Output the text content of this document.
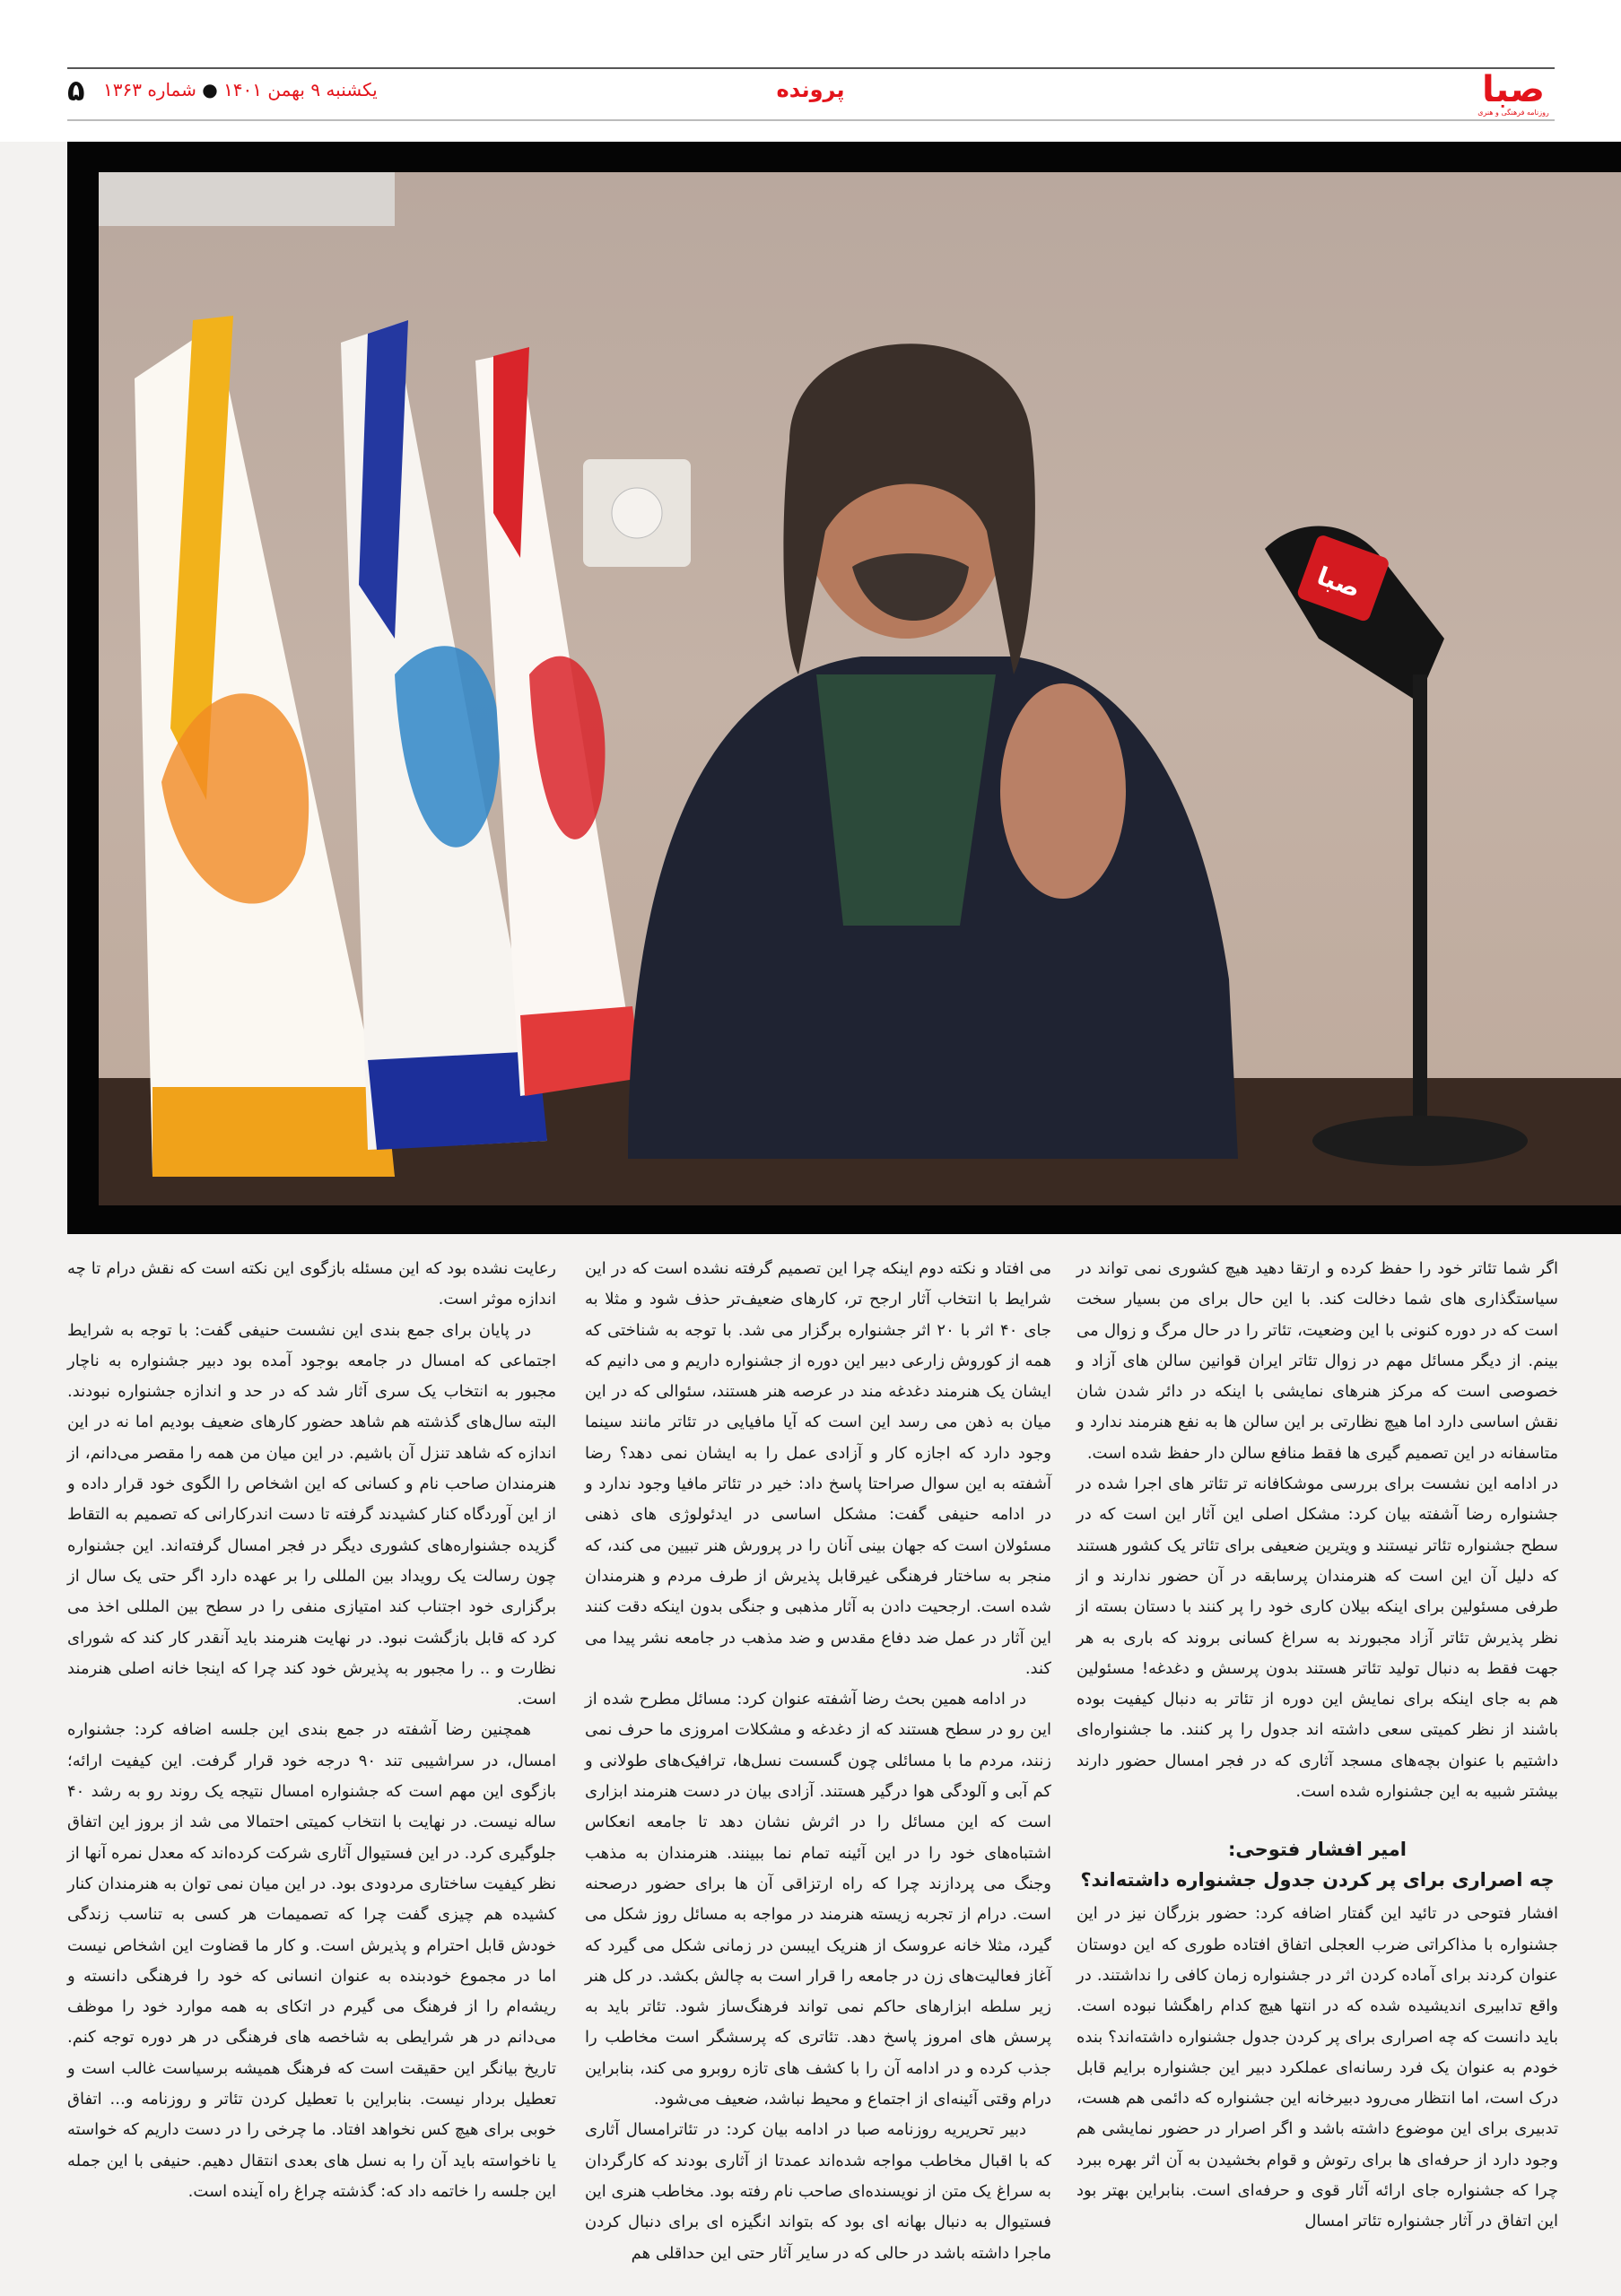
صبا
روزنامه فرهنگی و هنری
پرونده
یکشنبه ۹ بهمن ۱۴۰۱ ● شماره ۱۳۶۳
۵
صبا

اگر شما تئاتر خود را حفظ کرده و ارتقا دهید هیچ کشوری نمی تواند در سیاستگذاری های شما دخالت کند. با این حال برای من بسیار سخت است که در دوره کنونی با این وضعیت، تئاتر را در حال مرگ و زوال می بینم. از دیگر مسائل مهم در زوال تئاتر ایران قوانین سالن های آزاد و خصوصی است که مرکز هنرهای نمایشی با اینکه در دائر شدن شان نقش اساسی دارد اما هیچ نظارتی بر این سالن ها به نفع هنرمند ندارد و متاسفانه در این تصمیم گیری ها فقط منافع سالن دار حفظ شده است.

در ادامه این نشست برای بررسی موشکافانه تر تئاتر های اجرا شده در جشنواره رضا آشفته بیان کرد: مشکل اصلی این آثار این است که در سطح جشنواره تئاتر نیستند و ویترین ضعیفی برای تئاتر یک کشور هستند که دلیل آن این است که هنرمندان پرسابقه در آن حضور ندارند و از طرفی مسئولین برای اینکه بیلان کاری خود را پر کنند با دستان بسته از نظر پذیرش تئاتر آزاد مجبورند به سراغ کسانی بروند که باری به هر جهت فقط به دنبال تولید تئاتر هستند بدون پرسش و دغدغه! مسئولین هم به جای اینکه برای نمایش این دوره از تئاتر به دنبال کیفیت بوده باشند از نظر کمیتی سعی داشته اند جدول را پر کنند. ما جشنواره‌ای داشتیم با عنوان بچه‌های مسجد آثاری که در فجر امسال حضور دارند بیشتر شبیه به این جشنواره شده است.

امیر افشار فتوحی:
چه اصراری برای پر کردن جدول جشنواره داشته‌اند؟

افشار فتوحی در تائید این گفتار اضافه کرد: حضور بزرگان نیز در این جشنواره با مذاکراتی ضرب العجلی اتفاق افتاده طوری که این دوستان عنوان کردند برای آماده کردن اثر در جشنواره زمان کافی را نداشتند. در واقع تدابیری اندیشیده شده که در انتها هیچ کدام راهگشا نبوده است. باید دانست که چه اصراری برای پر کردن جدول جشنواره داشته‌اند؟ بنده خودم به عنوان یک فرد رسانه‌ای عملکرد دبیر این جشنواره برایم قابل درک است، اما انتظار می‌رود دبیرخانه این جشنواره که دائمی هم هست، تدبیری برای این موضوع داشته باشد و اگر اصرار در حضور نمایشی هم وجود دارد از حرفه‌ای ها برای رتوش و قوام بخشیدن به آن اثر بهره ببرد چرا که جشنواره جای ارائه آثار قوی و حرفه‌ای است. بنابراین بهتر بود این اتفاق در آثار جشنواره تئاتر امسال

می افتاد و نکته دوم اینکه چرا این تصمیم گرفته نشده است که در این شرایط با انتخاب آثار ارجح تر، کارهای ضعیف‌تر حذف شود و مثلا به جای ۴۰ اثر با ۲۰ اثر جشنواره برگزار می شد. با توجه به شناختی که همه از کوروش زارعی دبیر این دوره از جشنواره داریم و می دانیم که ایشان یک هنرمند دغدغه مند در عرصه هنر هستند، سئوالی که در این میان به ذهن می رسد این است که آیا مافیایی در تئاتر مانند سینما وجود دارد که اجازه کار و آزادی عمل را به ایشان نمی دهد؟ رضا آشفته به این سوال صراحتا پاسخ داد: خیر در تئاتر مافیا وجود ندارد و در ادامه حنیفی گفت: مشکل اساسی در ایدئولوژی های ذهنی مسئولان است که جهان بینی آنان را در پرورش هنر تبیین می کند، که منجر به ساختار فرهنگی غیرقابل پذیرش از طرف مردم و هنرمندان شده است. ارجحیت دادن به آثار مذهبی و جنگی بدون اینکه دقت کنند این آثار در عمل ضد دفاع مقدس و ضد مذهب در جامعه نشر پیدا می کند.

در ادامه همین بحث رضا آشفته عنوان کرد: مسائل مطرح شده از این رو در سطح هستند که از دغدغه و مشکلات امروزی ما حرف نمی زنند، مردم ما با مسائلی چون گسست نسل‌ها، ترافیک‌های طولانی و کم آبی و آلودگی هوا درگیر هستند. آزادی بیان در دست هنرمند ابزاری است که این مسائل را در اثرش نشان دهد تا جامعه انعکاس اشتباه‌های خود را در این آئینه تمام نما ببینند. هنرمندان به مذهب وجنگ می پردازند چرا که راه ارتزاقی آن ها برای حضور درصحنه است. درام از تجربه زیسته هنرمند در مواجه به مسائل روز شکل می گیرد، مثلا خانه عروسک از هنریک ایبسن در زمانی شکل می گیرد که آغاز فعالیت‌های زن در جامعه را قرار است به چالش بکشد. در کل هنر زیر سلطه ابزارهای حاکم نمی تواند فرهنگ‌ساز شود. تئاتر باید به پرسش های امروز پاسخ دهد. تئاتری که پرسشگر است مخاطب را جذب کرده و در ادامه آن را با کشف های تازه روبرو می کند، بنابراین درام وقتی آئینه‌ای از اجتماع و محیط نباشد، ضعیف می‌شود.

دبیر تحریریه روزنامه صبا در ادامه بیان کرد: در تئاترامسال آثاری که با اقبال مخاطب مواجه شده‌اند عمدتا از آثاری بودند که کارگردان به سراغ یک متن از نویسنده‌ای صاحب نام رفته بود. مخاطب هنری این فستیوال به دنبال بهانه ای بود که بتواند انگیزه ای برای دنبال کردن ماجرا داشته باشد در حالی که در سایر آثار حتی این حداقلی هم

رعایت نشده بود که این مسئله بازگوی این نکته است که نقش درام تا چه اندازه موثر است.

در پایان برای جمع بندی این نشست حنیفی گفت: با توجه به شرایط اجتماعی که امسال در جامعه بوجود آمده بود دبیر جشنواره به ناچار مجبور به انتخاب یک سری آثار شد که در حد و اندازه جشنواره نبودند. البته سال‌های گذشته هم شاهد حضور کارهای ضعیف بودیم اما نه در این اندازه که شاهد تنزل آن باشیم. در این میان من همه را مقصر می‌دانم، از هنرمندان صاحب نام و کسانی که این اشخاص را الگوی خود قرار داده و از این آوردگاه کنار کشیدند گرفته تا دست اندرکارانی که تصمیم به التقاط گزیده جشنواره‌های کشوری دیگر در فجر امسال گرفته‌اند. این جشنواره چون رسالت یک رویداد بین المللی را بر عهده دارد اگر حتی یک سال از برگزاری خود اجتناب کند امتیازی منفی را در سطح بین المللی اخذ می کرد که قابل بازگشت نبود. در نهایت هنرمند باید آنقدر کار کند که شورای نظارت و .. را مجبور به پذیرش خود کند چرا که اینجا خانه اصلی هنرمند است.

همچنین رضا آشفته در جمع بندی این جلسه اضافه کرد: جشنواره امسال، در سراشیبی تند ۹۰ درجه خود قرار گرفت. این کیفیت ارائه؛ بازگوی این مهم است که جشنواره امسال نتیجه یک روند رو به رشد ۴۰ ساله نیست. در نهایت با انتخاب کمیتی احتمالا می شد از بروز این اتفاق جلوگیری کرد. در این فستیوال آثاری شرکت کرده‌اند که معدل نمره آنها از نظر کیفیت ساختاری مردودی بود. در این میان نمی توان به هنرمندان کنار کشیده هم چیزی گفت چرا که تصمیمات هر کسی به تناسب زندگی خودش قابل احترام و پذیرش است. و کار ما قضاوت این اشخاص نیست اما در مجموع خودبنده به عنوان انسانی که خود را فرهنگی دانسته و ریشه‌ام را از فرهنگ می گیرم در اتکای به همه موارد خود را موظف می‌دانم در هر شرایطی به شاخصه های فرهنگی در هر دوره توجه کنم. تاریخ بیانگر این حقیقت است که فرهنگ همیشه برسیاست غالب است و تعطیل بردار نیست. بنابراین با تعطیل کردن تئاتر و روزنامه و... اتفاق خوبی برای هیچ کس نخواهد افتاد. ما چرخی را در دست داریم که خواسته یا ناخواسته باید آن را به نسل های بعدی انتقال دهیم. حنیفی با این جمله این جلسه را خاتمه داد که: گذشته چراغ راه آینده است.
